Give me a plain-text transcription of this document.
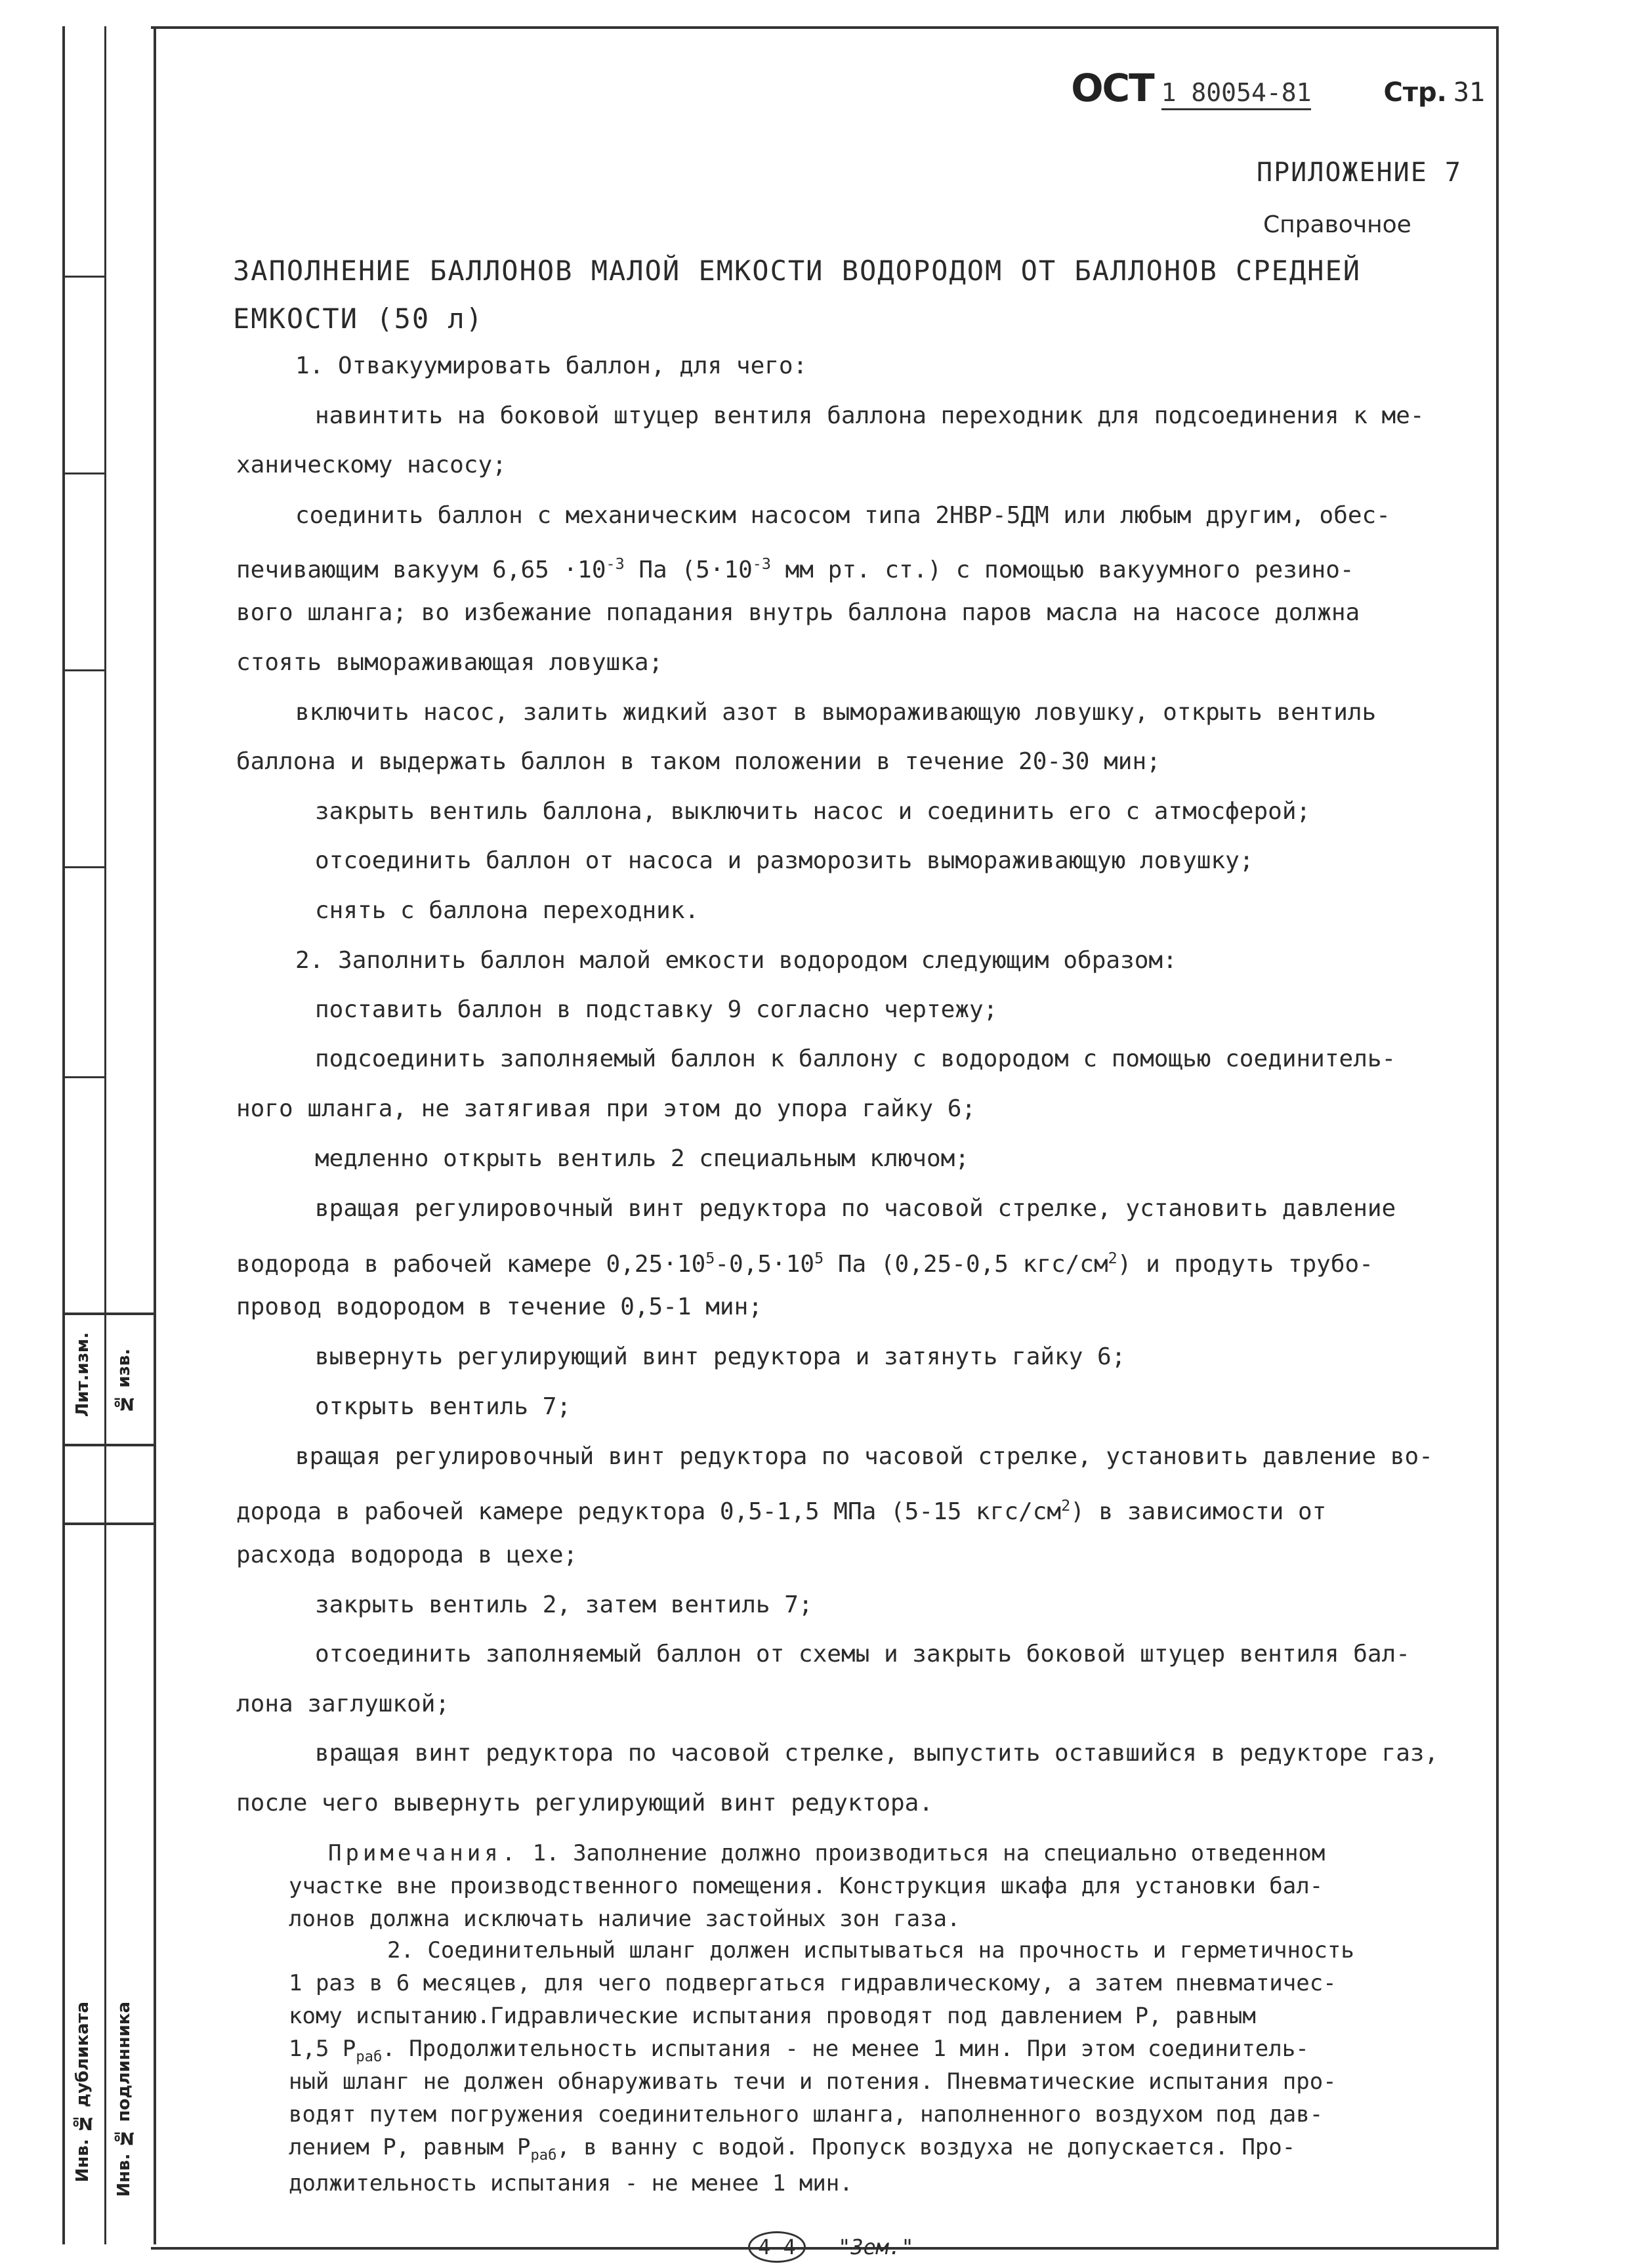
Лит.изм. № изв.
Инв. № дубликата Инв. № подлинника
ОСТ 1 80054-81	Стр. 31
ПРИЛОЖЕНИЕ 7
Справочное
ЗАПОЛНЕНИЕ БАЛЛОНОВ МАЛОЙ ЕМКОСТИ ВОДОРОДОМ ОТ БАЛЛОНОВ СРЕДНЕЙ
ЕМКОСТИ (50 л)
1. Отвакуумировать баллон, для чего:
навинтить на боковой штуцер вентиля баллона переходник для подсоединения к ме-
ханическому насосу;
соединить баллон с механическим насосом типа 2НВР-5ДМ или любым другим, обес-
печивающим вакуум $6,65 \cdot 10^{-3}$ Па ($5\cdot 10^{-3}$ мм рт. ст.) с помощью вакуумного резино-
вого шланга; во избежание попадания внутрь баллона паров масла на насосе должна
стоять вымораживающая ловушка;
включить насос, залить жидкий азот в вымораживающую ловушку, открыть вентиль
баллона и выдержать баллон в таком положении в течение 20-30 мин;
закрыть вентиль баллона, выключить насос и соединить его с атмосферой;
отсоединить баллон от насоса и разморозить вымораживающую ловушку;
снять с баллона переходник.
2. Заполнить баллон малой емкости водородом следующим образом:
поставить баллон в подставку 9 согласно чертежу;
подсоединить заполняемый баллон к баллону с водородом с помощью соединитель-
ного шланга, не затягивая при этом до упора гайку 6;
медленно открыть вентиль 2 специальным ключом;
вращая регулировочный винт редуктора по часовой стрелке, установить давление
водорода в рабочей камере $0,25\cdot 10^5-0,5\cdot 10^5$ Па (0,25-0,5 кгс/$см^2$) и продуть трубо-
провод водородом в течение 0,5-1 мин;
вывернуть регулирующий винт редуктора и затянуть гайку 6;
открыть вентиль 7;
вращая регулировочный винт редуктора по часовой стрелке, установить давление во-
дорода в рабочей камере редуктора 0,5-1,5 МПа (5-15 кгс/$см^2$) в зависимости от
расхода водорода в цехе;
закрыть вентиль 2, затем вентиль 7;
отсоединить заполняемый баллон от схемы и закрыть боковой штуцер вентиля бал-
лона заглушкой;
вращая винт редуктора по часовой стрелке, выпустить оставшийся в редукторе газ,
после чего вывернуть регулирующий винт редуктора.
Примечания. 1. Заполнение должно производиться на специально отведенном
участке вне производственного помещения. Конструкция шкафа для установки бал-
лонов должна исключать наличие застойных зон газа.
2. Соединительный шланг должен испытываться на прочность и герметичность
1 раз в 6 месяцев, для чего подвергаться гидравлическому, а затем пневматичес-
кому испытанию.Гидравлические испытания проводят под давлением Р, равным
1,5 $Р_{раб}$. Продолжительность испытания - не менее 1 мин. При этом соединитель-
ный шланг не должен обнаруживать течи и потения. Пневматические испытания про-
водят путем погружения соединительного шланга, наполненного воздухом под дав-
лением Р, равным $Р_{раб}$, в ванну с водой. Пропуск воздуха не допускается. Про-
должительность испытания - не менее 1 мин.
4 4 "Зем."
